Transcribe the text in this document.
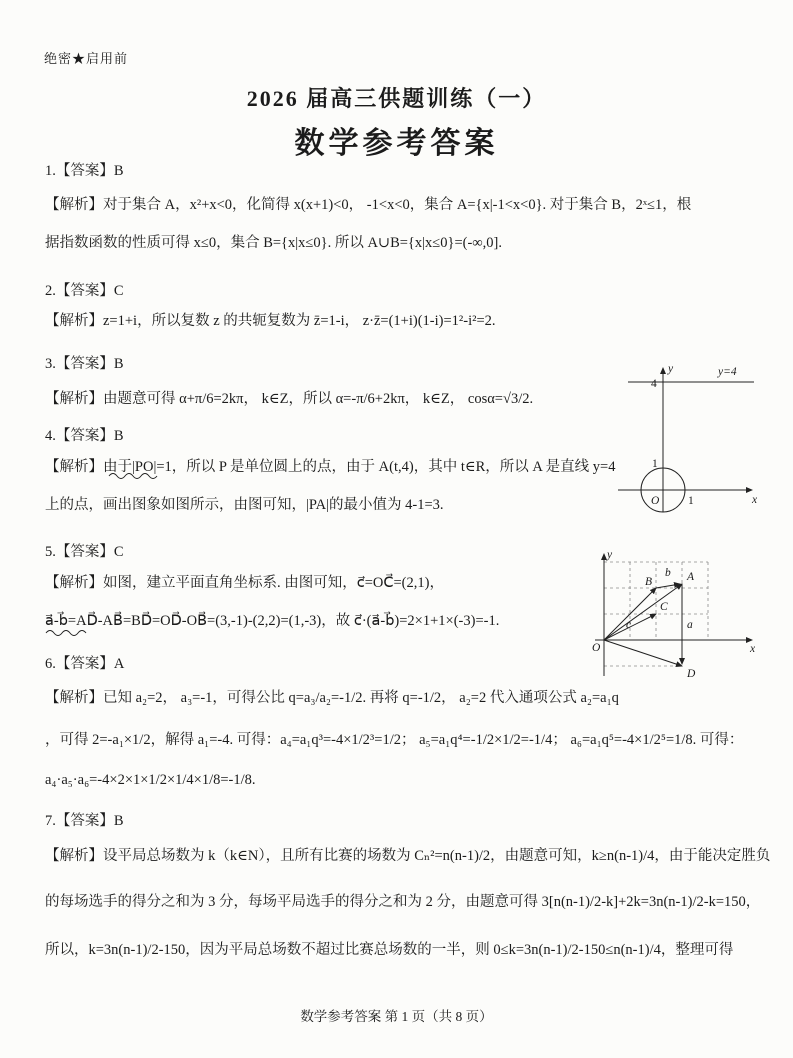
绝密★启用前
2026 届高三供题训练（一）
数学参考答案
1.【答案】B
【解析】对于集合 A，x²+x<0，化简得 x(x+1)<0， -1<x<0，集合 A={x|-1<x<0}. 对于集合 B，2ˣ≤1，根
据指数函数的性质可得 x≤0，集合 B={x|x≤0}. 所以 A∪B={x|x≤0}=(-∞,0].
2.【答案】C
【解析】z=1+i，所以复数 z 的共轭复数为 z̄=1-i， z·z̄=(1+i)(1-i)=1²-i²=2.
3.【答案】B
【解析】由题意可得 α+π/6=2kπ， k∈Z，所以 α=-π/6+2kπ， k∈Z， cosα=√3/2.
4.【答案】B
【解析】由于|PO|=1，所以 P 是单位圆上的点，由于 A(t,4)，其中 t∈R，所以 A 是直线 y=4
上的点，画出图象如图所示，由图可知，|PA|的最小值为 4-1=3.
5.【答案】C
【解析】如图，建立平面直角坐标系. 由图可知，c⃗=OC⃗=(2,1)，
a⃗-b⃗=AD⃗-AB⃗=BD⃗=OD⃗-OB⃗=(3,-1)-(2,2)=(1,-3)，故 c⃗·(a⃗-b⃗)=2×1+1×(-3)=-1.
6.【答案】A
【解析】已知 a₂=2， a₃=-1，可得公比 q=a₃/a₂=-1/2. 再将 q=-1/2， a₂=2 代入通项公式 a₂=a₁q
，可得 2=-a₁×1/2，解得 a₁=-4. 可得：a₄=a₁q³=-4×1/2³=1/2； a₅=a₁q⁴=-1/2×1/2=-1/4； a₆=a₁q⁵=-4×1/2⁵=1/8. 可得：
a₄·a₅·a₆=-4×2×1×1/2×1/4×1/8=-1/8.
7.【答案】B
【解析】设平局总场数为 k（k∈N），且所有比赛的场数为 Cₙ²=n(n-1)/2，由题意可知，k≥n(n-1)/4，由于能决定胜负
的每场选手的得分之和为 3 分，每场平局选手的得分之和为 2 分，由题意可得 3[n(n-1)/2-k]+2k=3n(n-1)/2-k=150，
所以，k=3n(n-1)/2-150，因为平局总场数不超过比赛总场数的一半，则 0≤k=3n(n-1)/2-150≤n(n-1)/4，整理可得
y	y=4
4
1
O 1	x
y
x
O
A
B
C
D
b⃗
a⃗
c⃗
数学参考答案 第 1 页（共 8 页）
